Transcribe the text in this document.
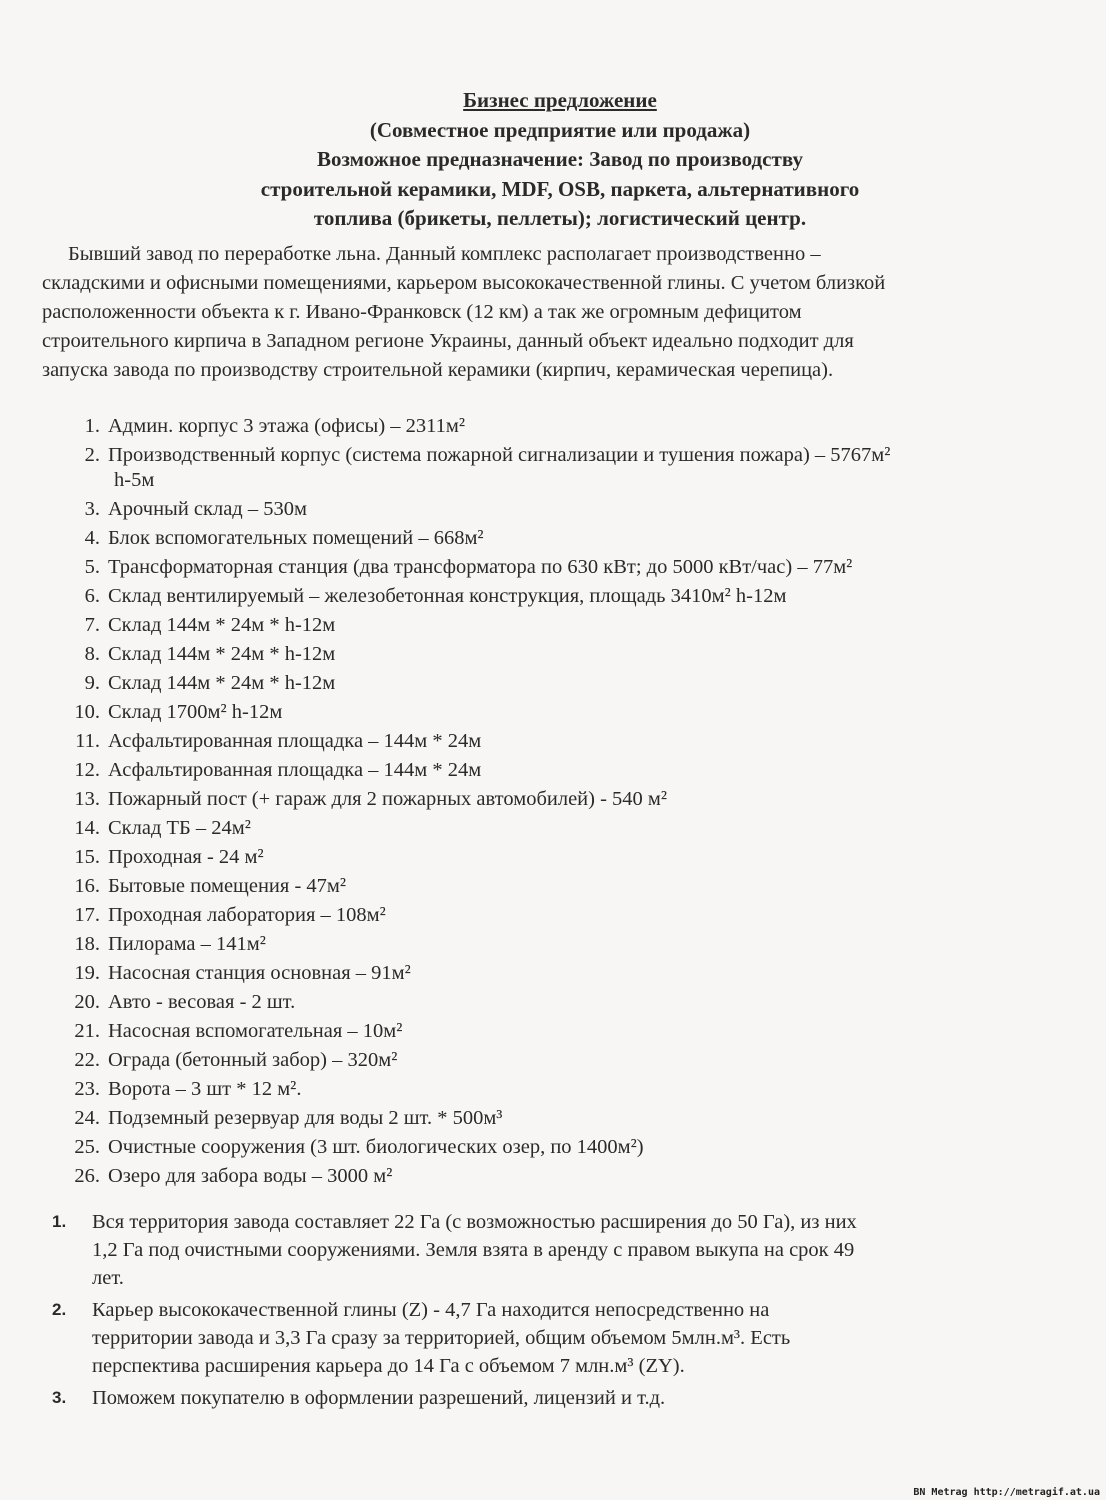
Бизнес предложение
(Совместное предприятие или продажа)
Возможное предназначение: Завод по производству
строительной керамики, MDF, OSB, паркета, альтернативного
топлива (брикеты, пеллеты); логистический центр.
Бывший завод по переработке льна. Данный комплекс располагает производственно –
складскими и офисными помещениями, карьером высококачественной глины. С учетом близкой
расположенности объекта к г. Ивано-Франковск (12 км) а так же огромным дефицитом
строительного кирпича в Западном регионе Украины, данный объект идеально подходит для
запуска завода по производству строительной керамики (кирпич, керамическая черепица).
1. Админ. корпус 3 этажа (офисы) – 2311м²
2. Производственный корпус (система пожарной сигнализации и тушения пожара) – 5767м²
h-5м
3. Арочный склад – 530м
4. Блок вспомогательных помещений – 668м²
5. Трансформаторная станция (два трансформатора по 630 кВт; до 5000 кВт/час) – 77м²
6. Склад вентилируемый – железобетонная конструкция, площадь 3410м² h-12м
7. Склад 144м * 24м * h-12м
8. Склад 144м * 24м * h-12м
9. Склад 144м * 24м * h-12м
10. Склад 1700м² h-12м
11. Асфальтированная площадка – 144м * 24м
12. Асфальтированная площадка – 144м * 24м
13. Пожарный пост (+ гараж для 2 пожарных автомобилей) - 540 м²
14. Склад ТБ – 24м²
15. Проходная - 24 м²
16. Бытовые помещения - 47м²
17. Проходная лаборатория – 108м²
18. Пилорама – 141м²
19. Насосная станция основная – 91м²
20. Авто - весовая - 2 шт.
21. Насосная вспомогательная – 10м²
22. Ограда (бетонный забор) – 320м²
23. Ворота – 3 шт * 12 м².
24. Подземный резервуар для воды 2 шт. * 500м³
25. Очистные сооружения (3 шт. биологических озер, по 1400м²)
26. Озеро для забора воды – 3000 м²
1.	Вся территория завода составляет 22 Га (с возможностью расширения до 50 Га), из них
1,2 Га под очистными сооружениями. Земля взята в аренду с правом выкупа на срок 49
лет.
2.	Карьер высококачественной глины (Z) - 4,7 Га находится непосредственно на
территории завода и 3,3 Га сразу за территорией, общим объемом 5млн.м³. Есть
перспектива расширения карьера до 14 Га с объемом 7 млн.м³ (ZY).
3.	Поможем покупателю в оформлении разрешений, лицензий и т.д.
BN Metrag http://metragif.at.ua
